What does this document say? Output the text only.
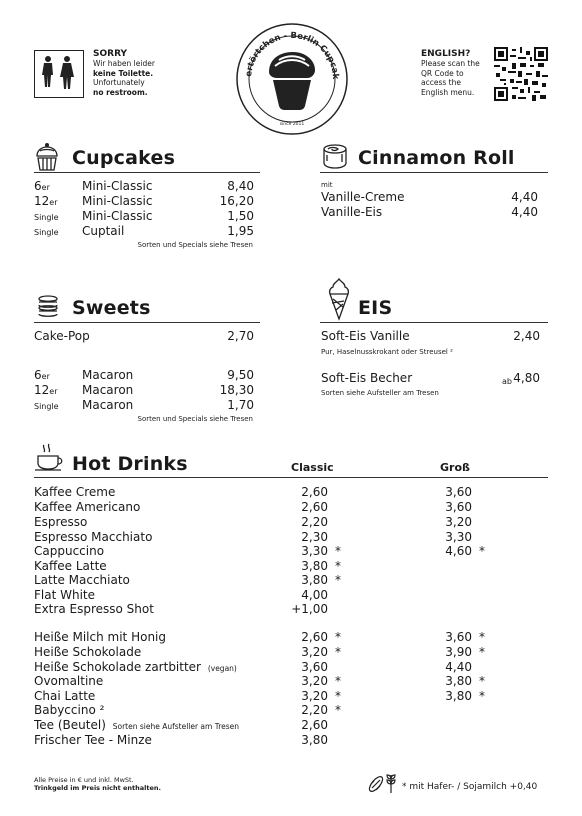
SORRY
Wir haben leider
keine Toilette.
Unfortunately
no restroom.
ertörtchen - Berlin Cupcak
since 2011
ENGLISH?
Please scan the
QR Code to
access the
English menu.
Cupcakes
6er	Mini-Classic	8,40
12er Mini-Classic	16,20
Single Mini-Classic	1,50
Single Cuptail	1,95
Sorten und Specials siehe Tresen
Cinnamon Roll
mit
Vanille-Creme	4,40
Vanille-Eis	4,40
Sweets
Cake-Pop	2,70
6er	Macaron	9,50
12er Macaron	18,30
Single Macaron	1,70
Sorten und Specials siehe Tresen
EIS
Soft-Eis Vanille	2,40
Pur, Haselnusskrokant oder Streusel ²
Soft-Eis Becher	ab 4,80
Sorten siehe Aufsteller am Tresen
Hot Drinks	Classic	Groß
Kaffee Creme	2,60	3,60
Kaffee Americano	2,60	3,60
Espresso	2,20	3,20
Espresso Macchiato	2,30	3,30
Cappuccino	3,30 *	4,60 *
Kaffee Latte	3,80 *
Latte Macchiato	3,80 *
Flat White	4,00
Extra Espresso Shot	+1,00
Heiße Milch mit Honig	2,60 *	3,60 *
Heiße Schokolade	3,20 *	3,90 *
Heiße Schokolade zartbitter (vegan)	3,60	4,40
Ovomaltine	3,20 *	3,80 *
Chai Latte	3,20 *	3,80 *
Babyccino ²	2,20 *
Tee (Beutel) Sorten siehe Aufsteller am Tresen	2,60
Frischer Tee - Minze	3,80
Alle Preise in € und inkl. MwSt.
Trinkgeld im Preis nicht enthalten.	* mit Hafer- / Sojamilch +0,40
